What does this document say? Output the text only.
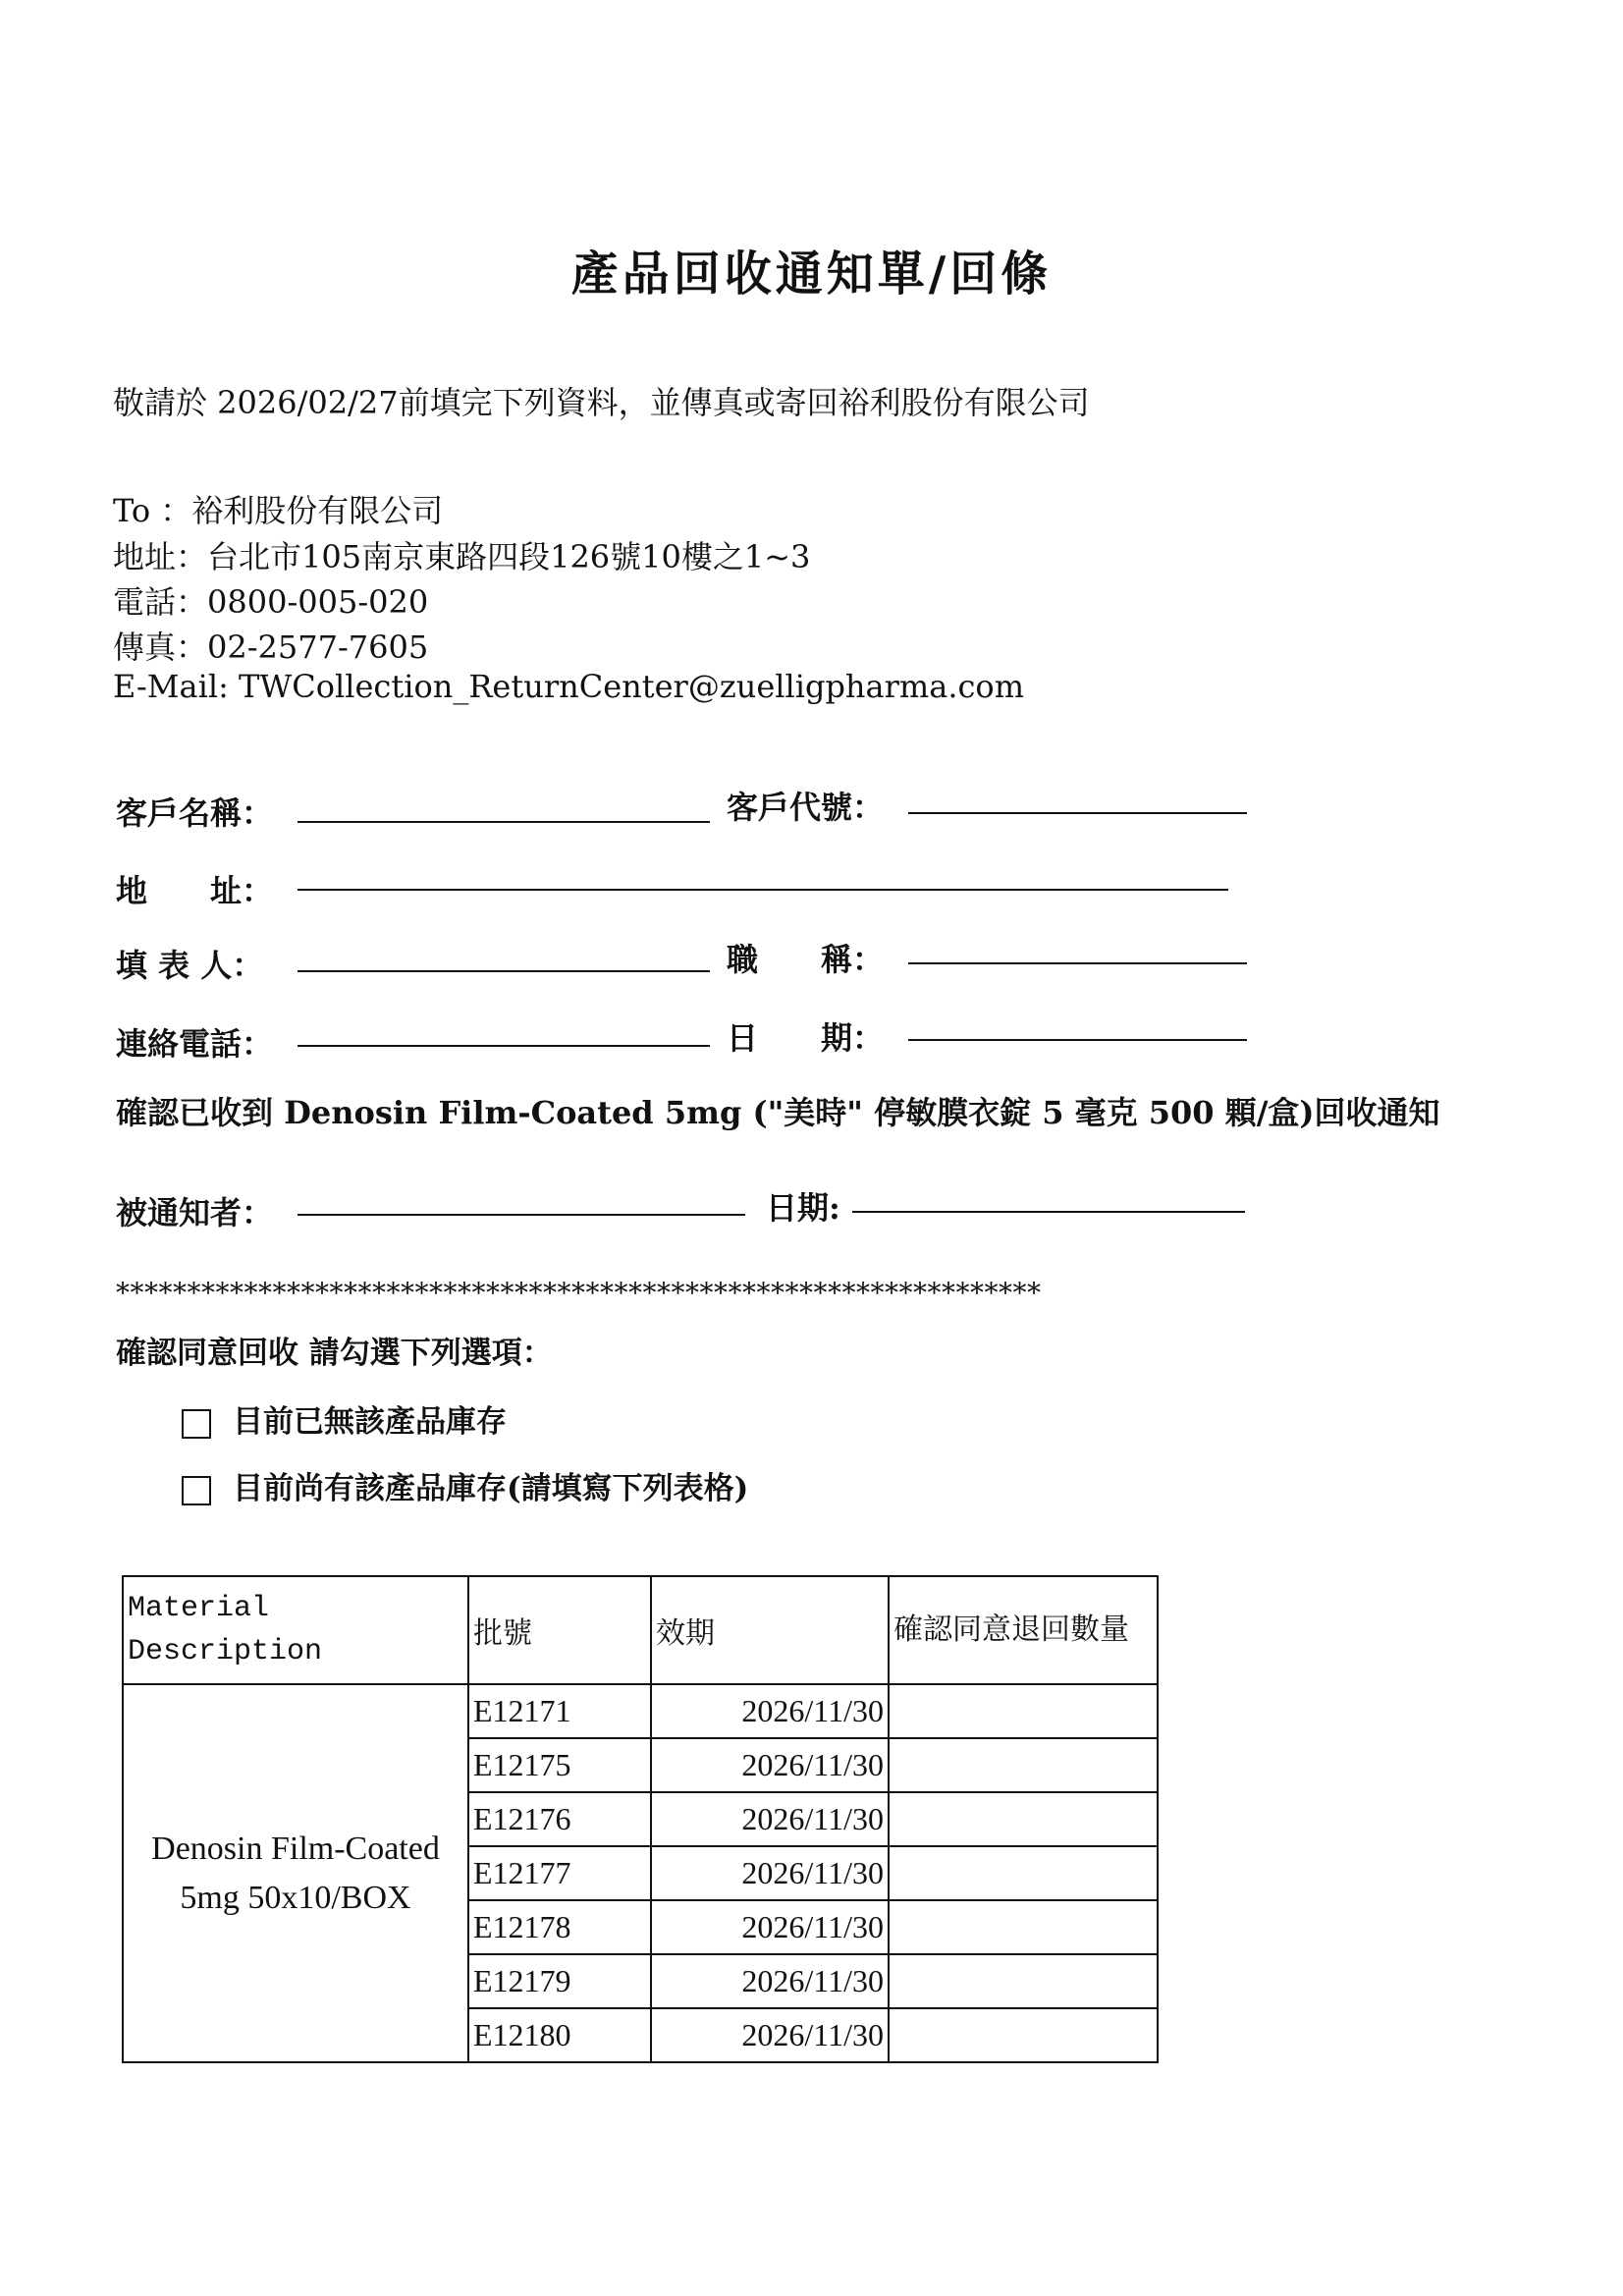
產品回收通知單/回條
敬請於 2026/02/27前填完下列資料，並傳真或寄回裕利股份有限公司
To ：裕利股份有限公司
地址：台北市105南京東路四段126號10樓之1~3
電話：0800-005-020
傳真：02-2577-7605
E-Mail: TWCollection_ReturnCenter@zuelligpharma.com
客戶名稱：	客戶代號：
地　　址：
填 表 人：	職　　稱：
連絡電話：	日　　期：
確認已收到 Denosin Film-Coated 5mg ("美時" 停敏膜衣錠 5 毫克 500 顆/盒)回收通知
被通知者：	日期:
*****************************************************************
確認同意回收 請勾選下列選項：
目前已無該產品庫存
目前尚有該產品庫存(請填寫下列表格)
Material Description	批號	效期	確認同意退回數量

Denosin Film-Coated
5mg 50x10/BOX	E12171	2026/11/30	
	E12175	2026/11/30	
	E12176	2026/11/30	
	E12177	2026/11/30	
	E12178	2026/11/30	
	E12179	2026/11/30	
	E12180	2026/11/30	
